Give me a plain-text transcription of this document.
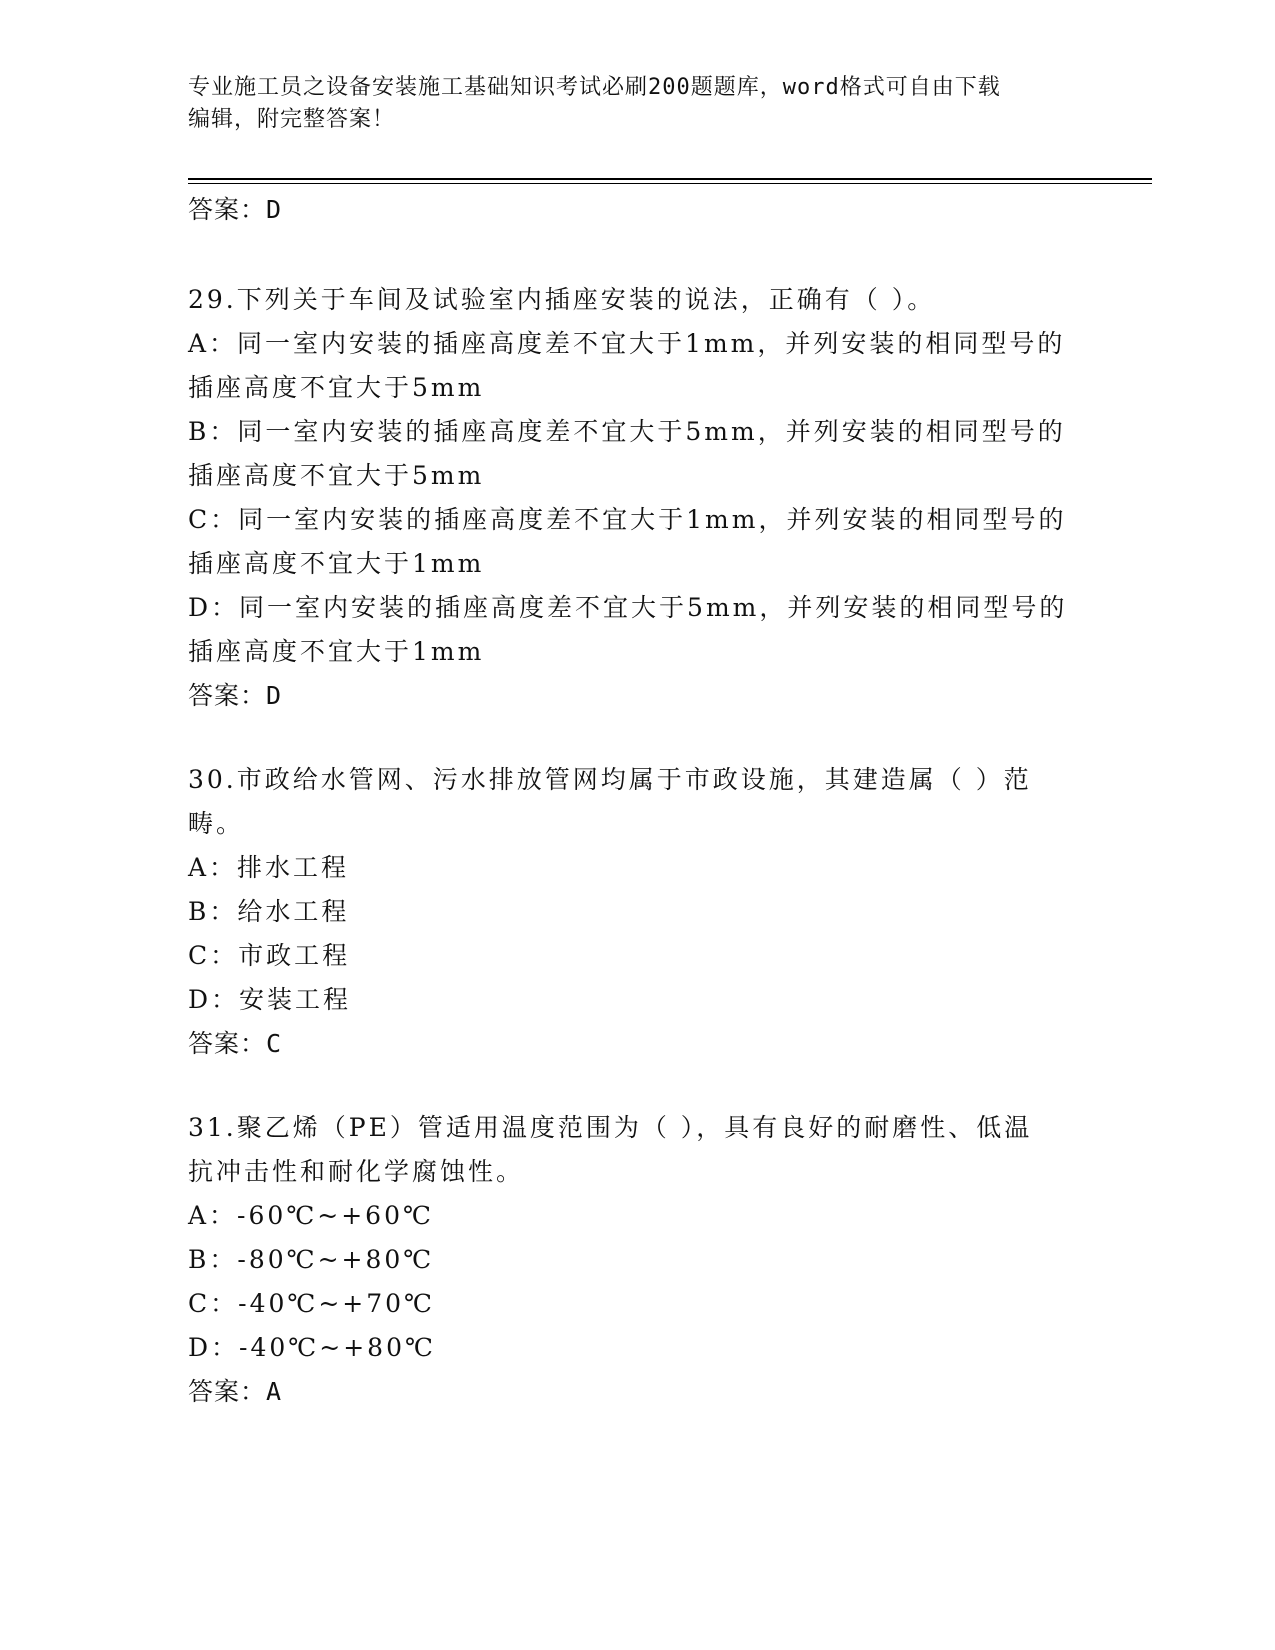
专业施工员之设备安装施工基础知识考试必刷200题题库，word格式可自由下载
编辑，附完整答案！
答案：D
29.下列关于车间及试验室内插座安装的说法，正确有（ ）。
A：同一室内安装的插座高度差不宜大于1mm，并列安装的相同型号的
插座高度不宜大于5mm
B：同一室内安装的插座高度差不宜大于5mm，并列安装的相同型号的
插座高度不宜大于5mm
C：同一室内安装的插座高度差不宜大于1mm，并列安装的相同型号的
插座高度不宜大于1mm
D：同一室内安装的插座高度差不宜大于5mm，并列安装的相同型号的
插座高度不宜大于1mm
答案：D
30.市政给水管网、污水排放管网均属于市政设施，其建造属（ ）范
畴。
A：排水工程
B：给水工程
C：市政工程
D：安装工程
答案：C
31.聚乙烯（PE）管适用温度范围为（ ），具有良好的耐磨性、低温
抗冲击性和耐化学腐蚀性。
A：-60℃~+60℃
B：-80℃~+80℃
C：-40℃~+70℃
D：-40℃~+80℃
答案：A
